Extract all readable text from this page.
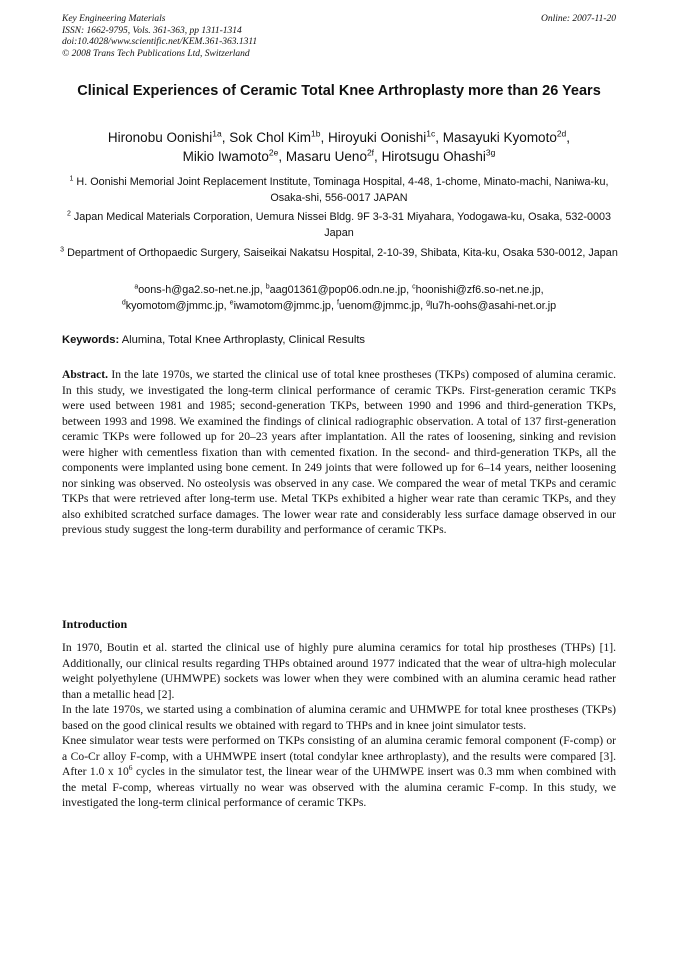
Key Engineering Materials
ISSN: 1662-9795, Vols. 361-363, pp 1311-1314
doi:10.4028/www.scientific.net/KEM.361-363.1311
© 2008 Trans Tech Publications Ltd, Switzerland
Online: 2007-11-20
Clinical Experiences of Ceramic Total Knee Arthroplasty more than 26 Years
Hironobu Oonishi$^{1a}$, Sok Chol Kim$^{1b}$, Hiroyuki Oonishi$^{1c}$, Masayuki Kyomoto$^{2d}$,
Mikio Iwamoto$^{2e}$, Masaru Ueno$^{2f}$, Hirotsugu Ohashi$^{3g}$
$^1$ H. Oonishi Memorial Joint Replacement Institute, Tominaga Hospital, 4-48, 1-chome, Minato-machi, Naniwa-ku, Osaka-shi, 556-0017 JAPAN
$^2$ Japan Medical Materials Corporation, Uemura Nissei Bldg. 9F 3-3-31 Miyahara, Yodogawa-ku, Osaka, 532-0003 Japan
$^3$ Department of Orthopaedic Surgery, Saiseikai Nakatsu Hospital, 2-10-39, Shibata, Kita-ku, Osaka 530-0012, Japan
$^a$oons-h@ga2.so-net.ne.jp, $^b$aag01361@pop06.odn.ne.jp, $^c$hoonishi@zf6.so-net.ne.jp,
$^d$kyomotom@jmmc.jp, $^e$iwamotom@jmmc.jp, $^f$uenom@jmmc.jp, $^g$lu7h-oohs@asahi-net.or.jp
Keywords: Alumina, Total Knee Arthroplasty, Clinical Results
Abstract. In the late 1970s, we started the clinical use of total knee prostheses (TKPs) composed of alumina ceramic. In this study, we investigated the long-term clinical performance of ceramic TKPs. First-generation ceramic TKPs were used between 1981 and 1985; second-generation TKPs, between 1990 and 1996 and third-generation TKPs, between 1993 and 1998. We examined the findings of clinical radiographic observation. A total of 137 first-generation ceramic TKPs were followed up for 20–23 years after implantation. All the rates of loosening, sinking and revision were higher with cementless fixation than with cemented fixation. In the second- and third-generation TKPs, all the components were implanted using bone cement. In 249 joints that were followed up for 6–14 years, neither loosening nor sinking was observed. No osteolysis was observed in any case. We compared the wear of metal TKPs and ceramic TKPs that were retrieved after long-term use. Metal TKPs exhibited a higher wear rate than ceramic TKPs, and they also exhibited scratched surface damages. The lower wear rate and considerably less surface damage observed in our previous study suggest the long-term durability and performance of ceramic TKPs.
Introduction

In 1970, Boutin et al. started the clinical use of highly pure alumina ceramics for total hip prostheses (THPs) [1]. Additionally, our clinical results regarding THPs obtained around 1977 indicated that the wear of ultra-high molecular weight polyethylene (UHMWPE) sockets was lower when they were combined with an alumina ceramic head rather than a metallic head [2].

In the late 1970s, we started using a combination of alumina ceramic and UHMWPE for total knee prostheses (TKPs) based on the good clinical results we obtained with regard to THPs and in knee joint simulator tests.

Knee simulator wear tests were performed on TKPs consisting of an alumina ceramic femoral component (F-comp) or a Co-Cr alloy F-comp, with a UHMWPE insert (total condylar knee arthroplasty), and the results were compared [3]. After 1.0 x $10^6$ cycles in the simulator test, the linear wear of the UHMWPE insert was 0.3 mm when combined with the metal F-comp, whereas virtually no wear was observed with the alumina ceramic F-comp. In this study, we investigated the long-term clinical performance of ceramic TKPs.
